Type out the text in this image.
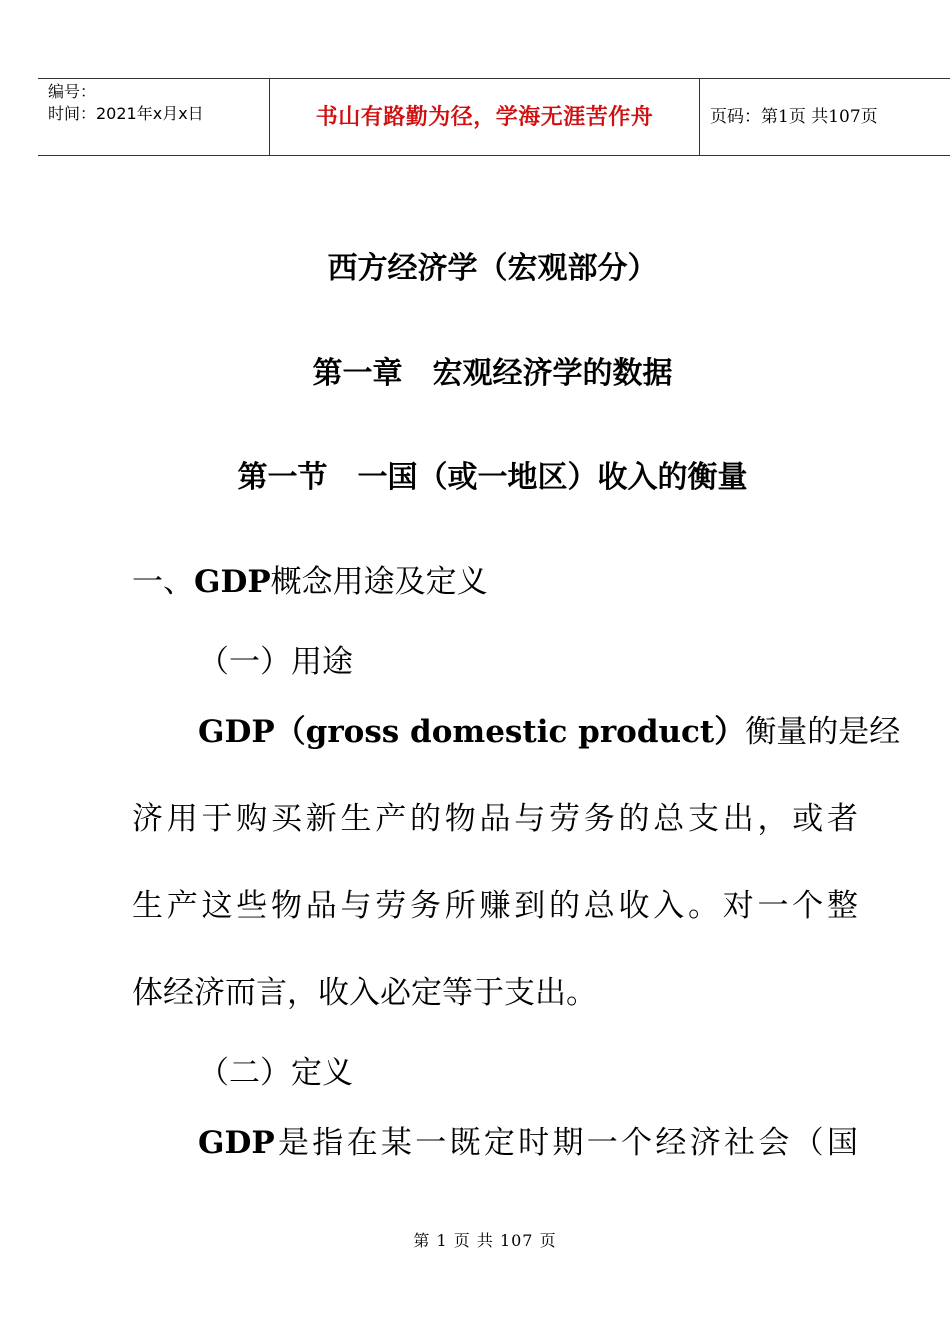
编号：
时间：2021年x月x日	书山有路勤为径，学海无涯苦作舟	页码：第1页 共107页
西方经济学（宏观部分）
第一章　宏观经济学的数据
第一节　一国（或一地区）收入的衡量
一、GDP概念用途及定义
（一）用途
GDP（gross domestic product）衡量的是经
济用于购买新生产的物品与劳务的总支出，或者
生产这些物品与劳务所赚到的总收入。对一个整
体经济而言，收入必定等于支出。
（二）定义
GDP是指在某一既定时期一个经济社会（国
第 1 页 共 107 页
